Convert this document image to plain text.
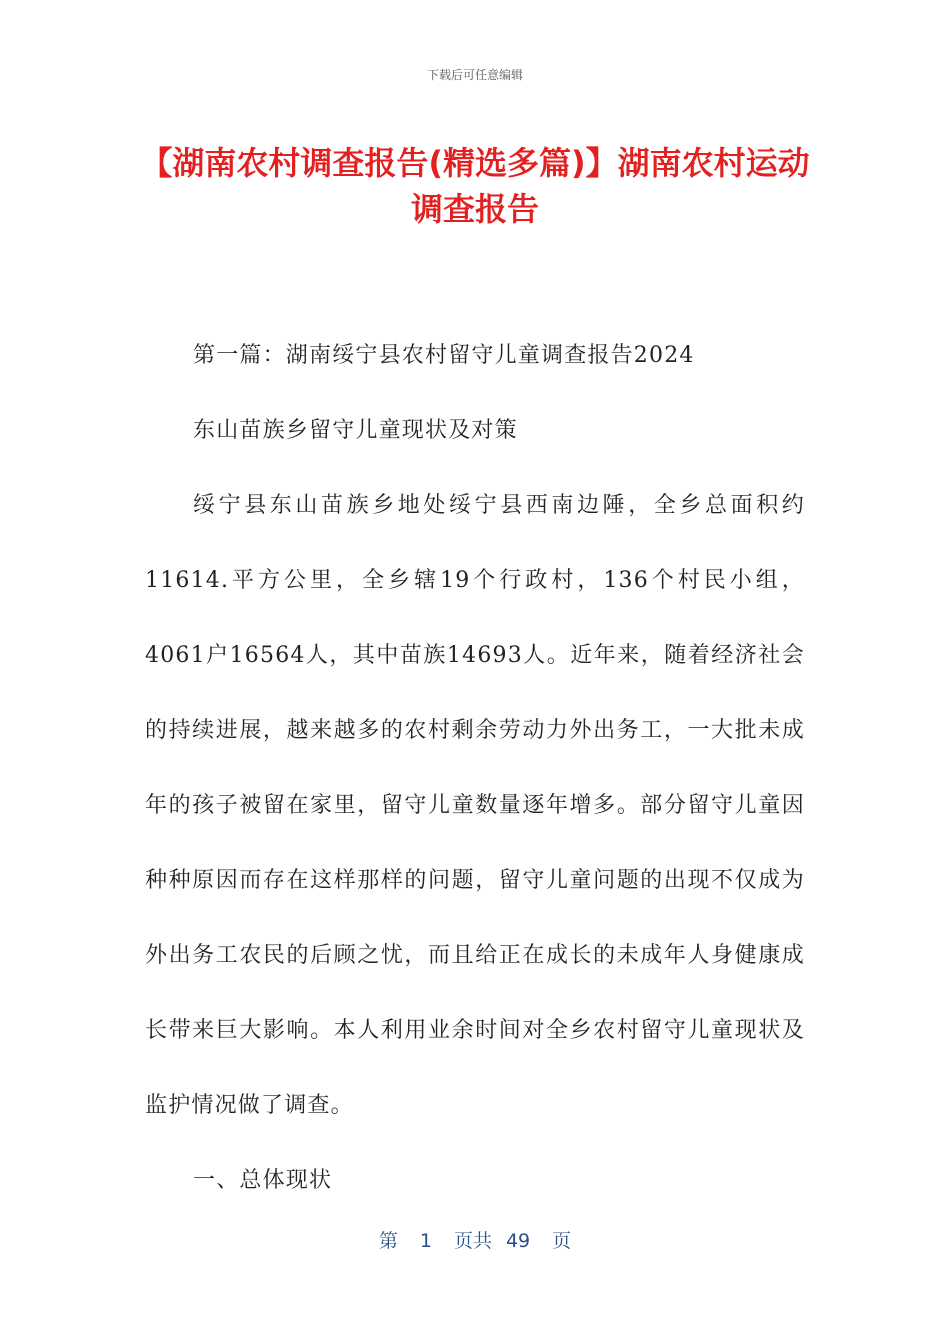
下载后可任意编辑
【湖南农村调查报告(精选多篇)】湖南农村运动调查报告

第一篇：湖南绥宁县农村留守儿童调查报告2024

东山苗族乡留守儿童现状及对策

绥宁县东山苗族乡地处绥宁县西南边陲，全乡总面积约11614.平方公里，全乡辖19个行政村，136个村民小组，4061户16564人，其中苗族14693人。近年来，随着经济社会的持续进展，越来越多的农村剩余劳动力外出务工，一大批未成年的孩子被留在家里，留守儿童数量逐年增多。部分留守儿童因种种原因而存在这样那样的问题，留守儿童问题的出现不仅成为外出务工农民的后顾之忧，而且给正在成长的未成年人身健康成长带来巨大影响。本人利用业余时间对全乡农村留守儿童现状及监护情况做了调查。

一、总体现状

第 1 页共 49 页
